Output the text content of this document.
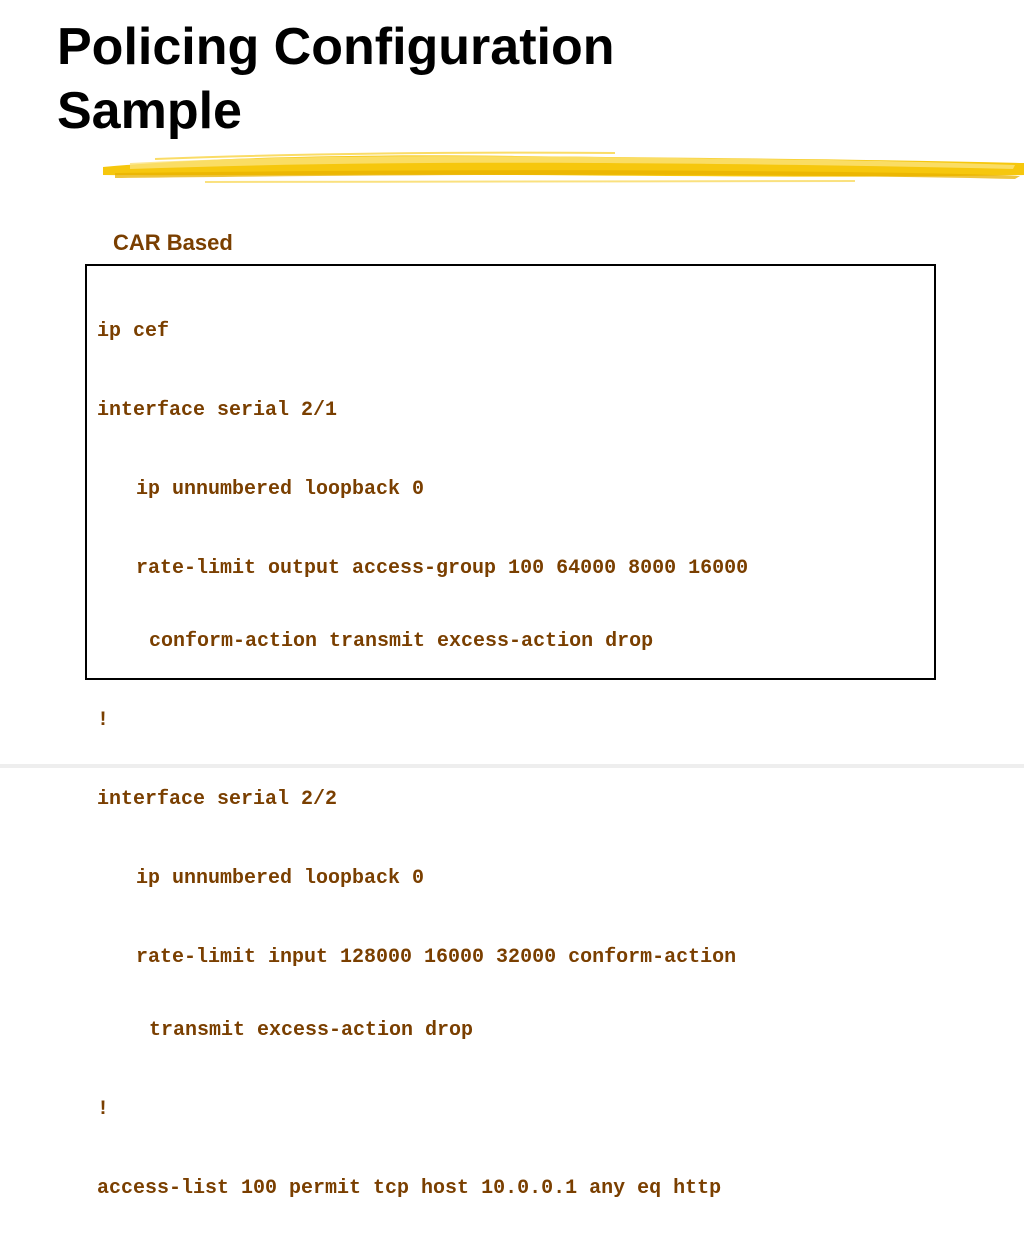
Policing Configuration
Sample
CAR Based

ip cef

interface serial 2/1

ip unnumbered loopback 0

rate-limit output access-group 100 64000 8000 16000

conform-action transmit excess-action drop

!

interface serial 2/2

ip unnumbered loopback 0

rate-limit input 128000 16000 32000 conform-action

transmit excess-action drop

!

access-list 100 permit tcp host 10.0.0.1 any eq http
